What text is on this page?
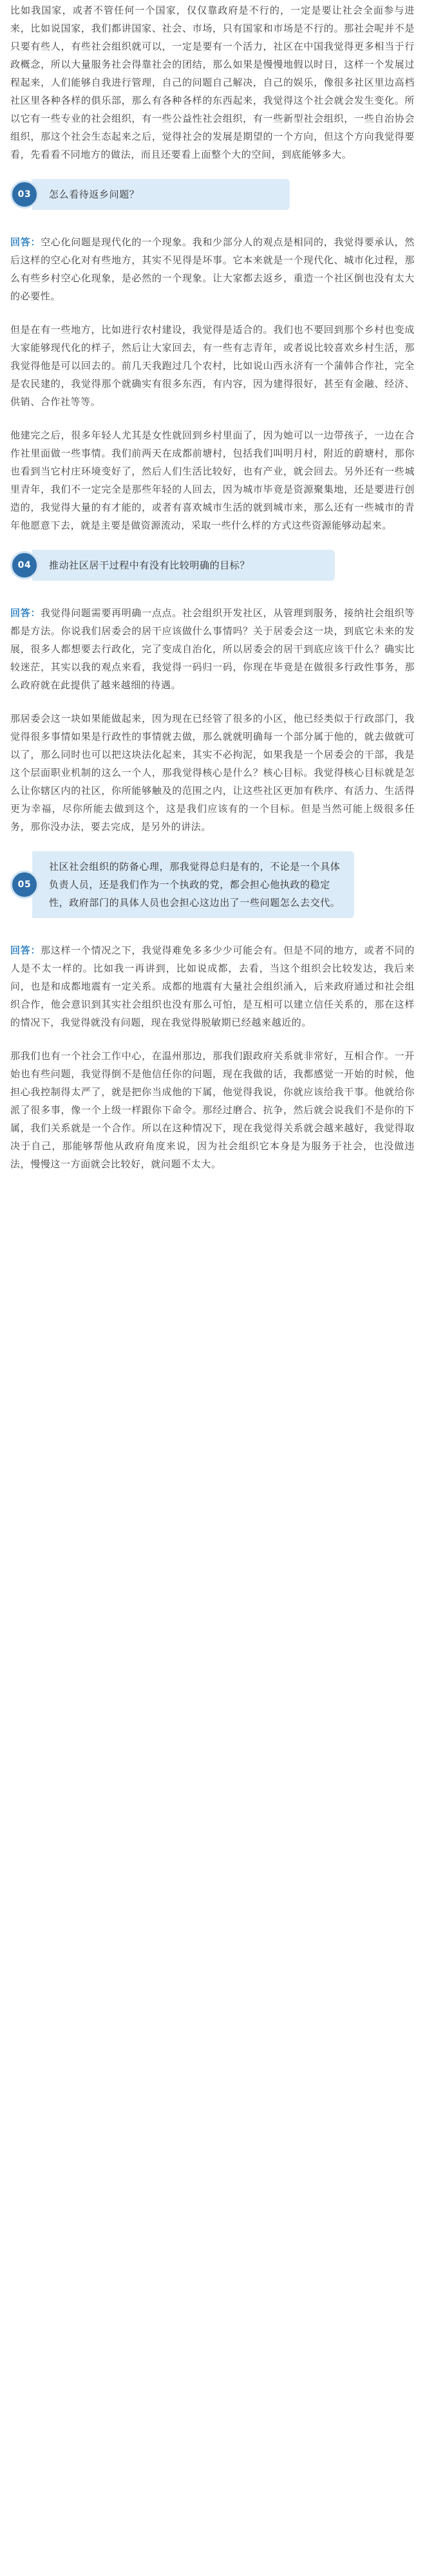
比如我国家，或者不管任何一个国家，仅仅靠政府是不行的，一定是要让社会全面参与进来，比如说国家，我们都讲国家、社会、市场，只有国家和市场是不行的。那社会呢并不是只要有些人，有些社会组织就可以，一定是要有一个活力，社区在中国我觉得更多相当于行政概念，所以大量服务社会得靠社会的团结，那么如果是慢慢地假以时日，这样一个发展过程起来，人们能够自我进行管理，自己的问题自己解决，自己的娱乐，像很多社区里边高档社区里各种各样的俱乐部，那么有各种各样的东西起来，我觉得这个社会就会发生变化。所以它有一些专业的社会组织，有一些公益性社会组织，有一些新型社会组织，一些自治协会组织，那这个社会生态起来之后，觉得社会的发展是期望的一个方向，但这个方向我觉得要看，先看看不同地方的做法，而且还要看上面整个大的空间，到底能够多大。

03	怎么看待返乡问题？

回答：空心化问题是现代化的一个现象。我和少部分人的观点是相同的，我觉得要承认，然后这样的空心化对有些地方，其实不见得是坏事。它本来就是一个现代化、城市化过程，那么有些乡村空心化现象，是必然的一个现象。让大家都去返乡，重造一个社区倒也没有太大的必要性。

但是在有一些地方，比如进行农村建设，我觉得是适合的。我们也不要回到那个乡村也变成大家能够现代化的样子，然后让大家回去，有一些有志青年，或者说比较喜欢乡村生活，那我觉得他是可以回去的。前几天我跑过几个农村，比如说山西永济有一个蒲韩合作社，完全是农民建的，我觉得那个就确实有很多东西，有内容，因为建得很好，甚至有金融、经济、供销、合作社等等。

他建完之后，很多年轻人尤其是女性就回到乡村里面了，因为她可以一边带孩子，一边在合作社里面做一些事情。我们前两天在成都前塘村，包括我们叫明月村，附近的蔚塘村，那你也看到当它村庄环境变好了，然后人们生活比较好，也有产业，就会回去。另外还有一些城里青年，我们不一定完全是那些年轻的人回去，因为城市毕竟是资源聚集地，还是要进行创造的，我觉得大量的有才能的，或者有喜欢城市生活的就到城市来，那么还有一些城市的青年他愿意下去，就是主要是做资源流动，采取一些什么样的方式这些资源能够动起来。

04	推动社区居干过程中有没有比较明确的目标？

回答：我觉得问题需要再明确一点点。社会组织开发社区，从管理到服务，接纳社会组织等都是方法。你说我们居委会的居干应该做什么事情吗？关于居委会这一块，到底它未来的发展，很多人都想要去行政化，完了变成自治化，所以居委会的居干到底应该干什么？确实比较迷茫，其实以我的观点来看，我觉得一码归一码，你现在毕竟是在做很多行政性事务，那么政府就在此提供了越来越细的待遇。

那居委会这一块如果能做起来，因为现在已经管了很多的小区，他已经类似于行政部门，我觉得很多事情如果是行政性的事情就去做，那么就就明确每一个部分属于他的，就去做就可以了，那么同时也可以把这块法化起来，其实不必拘泥，如果我是一个居委会的干部，我是这个层面职业机制的这么一个人，那我觉得核心是什么？核心目标。我觉得核心目标就是怎么让你辖区内的社区，你所能够触及的范围之内，让这些社区更加有秩序、有活力、生活得更为幸福，尽你所能去做到这个，这是我们应该有的一个目标。但是当然可能上级很多任务，那你没办法，要去完成，是另外的讲法。

05
社区社会组织的防备心理，那我觉得总归是有的，不论是一个具体负责人员，还是我们作为一个执政的党，都会担心他执政的稳定性，政府部门的具体人员也会担心这边出了一些问题怎么去交代。

回答：那这样一个情况之下，我觉得难免多多少少可能会有。但是不同的地方，或者不同的人是不太一样的。比如我一再讲到，比如说成都，去看，当这个组织会比较发达，我后来问，也是和成都地震有一定关系。成都的地震有大量社会组织涌入，后来政府通过和社会组织合作，他会意识到其实社会组织也没有那么可怕，是互相可以建立信任关系的，那在这样的情况下，我觉得就没有问题，现在我觉得脱敏期已经越来越近的。

那我们也有一个社会工作中心，在温州那边，那我们跟政府关系就非常好，互相合作。一开始也有些问题，我觉得倒不是他信任你的问题，现在我做的话，我都感觉一开始的时候，他担心我控制得太严了，就是把你当成他的下属，他觉得我说，你就应该给我干事。他就给你派了很多事，像一个上级一样跟你下命令。那经过磨合、抗争，然后就会说我们不是你的下属，我们关系就是一个合作。所以在这种情况下，现在我觉得关系就会越来越好，我觉得取决于自己，那能够帮他从政府角度来说，因为社会组织它本身是为服务于社会，也没做违法，慢慢这一方面就会比较好，就问题不太大。
